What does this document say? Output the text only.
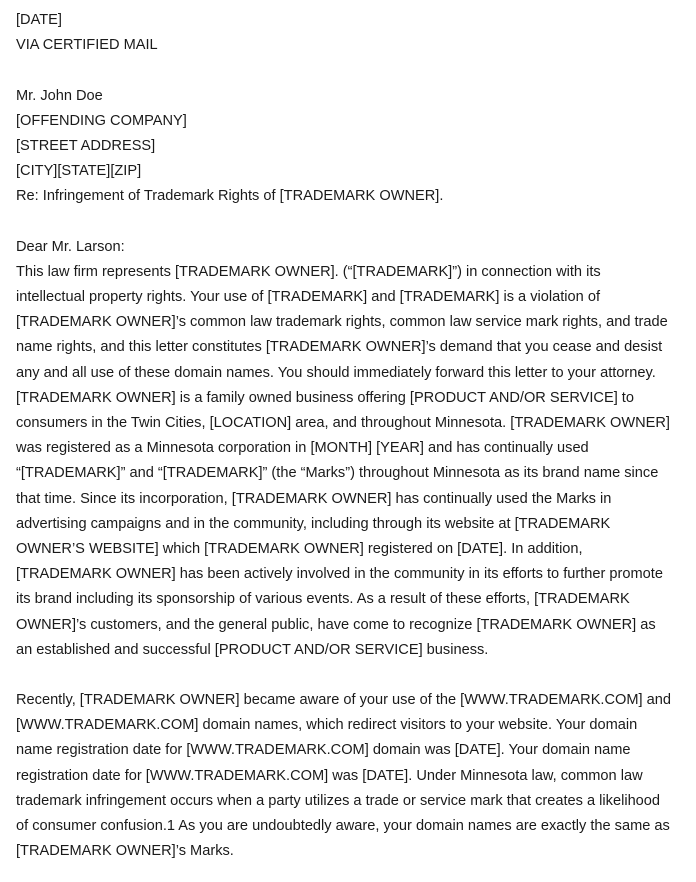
[DATE]
VIA CERTIFIED MAIL
Mr. John Doe
[OFFENDING COMPANY]
[STREET ADDRESS]
[CITY][STATE][ZIP]
Re: Infringement of Trademark Rights of [TRADEMARK OWNER].
Dear Mr. Larson:
This law firm represents [TRADEMARK OWNER]. (“[TRADEMARK]”) in connection with its
intellectual property rights. Your use of [TRADEMARK] and [TRADEMARK] is a violation of
[TRADEMARK OWNER]’s common law trademark rights, common law service mark rights, and trade
name rights, and this letter constitutes [TRADEMARK OWNER]’s demand that you cease and desist
any and all use of these domain names. You should immediately forward this letter to your attorney.
[TRADEMARK OWNER] is a family owned business offering [PRODUCT AND/OR SERVICE] to
consumers in the Twin Cities, [LOCATION] area, and throughout Minnesota. [TRADEMARK OWNER]
was registered as a Minnesota corporation in [MONTH] [YEAR] and has continually used
“[TRADEMARK]” and “[TRADEMARK]” (the “Marks”) throughout Minnesota as its brand name since
that time. Since its incorporation, [TRADEMARK OWNER] has continually used the Marks in
advertising campaigns and in the community, including through its website at [TRADEMARK
OWNER’S WEBSITE] which [TRADEMARK OWNER] registered on [DATE]. In addition,
[TRADEMARK OWNER] has been actively involved in the community in its efforts to further promote
its brand including its sponsorship of various events. As a result of these efforts, [TRADEMARK
OWNER]’s customers, and the general public, have come to recognize [TRADEMARK OWNER] as
an established and successful [PRODUCT AND/OR SERVICE] business.
Recently, [TRADEMARK OWNER] became aware of your use of the [WWW.TRADEMARK.COM] and
[WWW.TRADEMARK.COM] domain names, which redirect visitors to your website. Your domain
name registration date for [WWW.TRADEMARK.COM] domain was [DATE]. Your domain name
registration date for [WWW.TRADEMARK.COM] was [DATE]. Under Minnesota law, common law
trademark infringement occurs when a party utilizes a trade or service mark that creates a likelihood
of consumer confusion.1 As you are undoubtedly aware, your domain names are exactly the same as
[TRADEMARK OWNER]’s Marks.
